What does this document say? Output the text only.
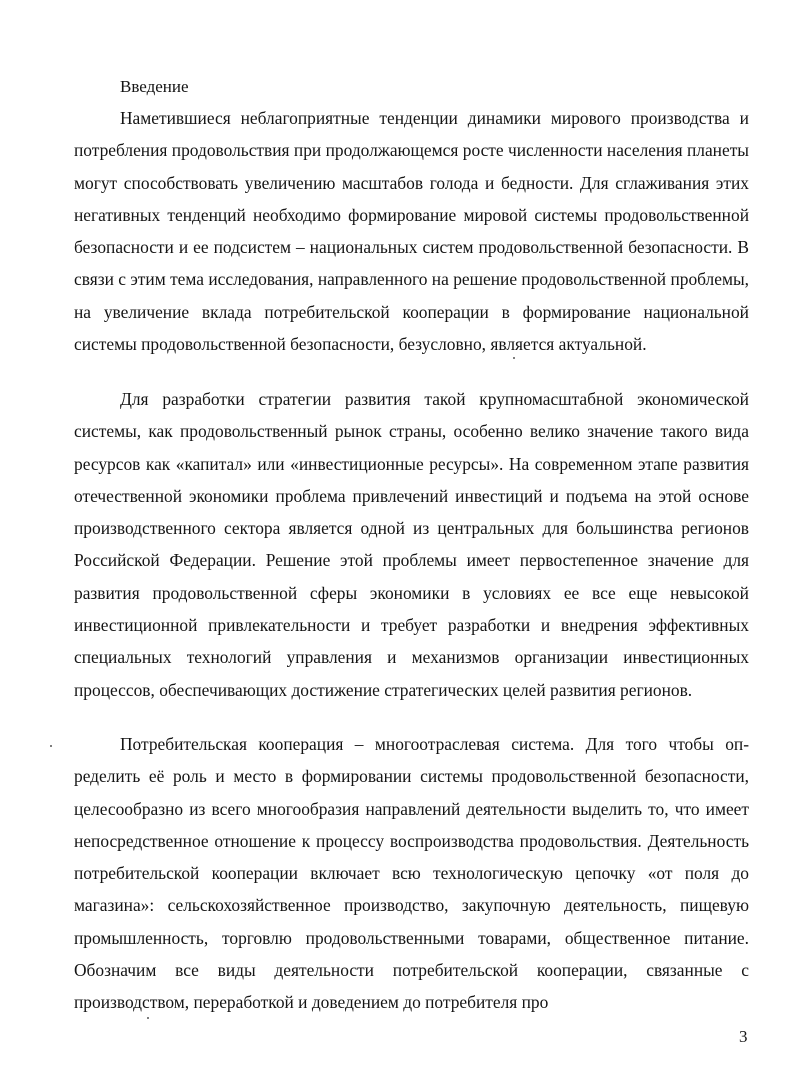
Введение

Наметившиеся неблагоприятные тенденции динамики мирового производства и потребления продовольствия при продолжающемся росте численности населения планеты могут способствовать увеличению масштабов голода и бедности. Для сглаживания этих негативных тенденций необходимо формирование мировой системы продовольственной безопасности и ее подсистем – национальных систем продовольственной безопасности. В связи с этим тема исследования, направленного на решение продовольственной проблемы, на увеличение вклада потребительской кооперации в формирование национальной системы продовольственной безопасности, безусловно, является актуальной.

Для разработки стратегии развития такой крупномасштабной экономической системы, как продовольственный рынок страны, особенно велико значение такого вида ресурсов как «капитал» или «инвестиционные ресурсы». На современном этапе развития отечественной экономики проблема привлечений инвестиций и подъема на этой основе производственного сектора является одной из центральных для большинства регионов Российской Федерации. Решение этой проблемы имеет первостепенное значение для развития продовольственной сферы экономики в условиях ее все еще невысокой инвестиционной привлекательности и требует разработки и внедрения эффективных специальных технологий управления и механизмов организации инвестиционных процессов, обеспечивающих достижение стратегических целей развития регионов.

Потребительская кооперация – многоотраслевая система. Для того чтобы определить её роль и место в формировании системы продовольственной безопасности, целесообразно из всего многообразия направлений деятельности выделить то, что имеет непосредственное отношение к процессу воспроизводства продовольствия. Деятельность потребительской кооперации включает всю технологическую цепочку «от поля до магазина»: сельскохозяйственное производство, закупочную деятельность, пищевую промышленность, торговлю продовольственными товарами, общественное питание. Обозначим все виды деятельности потребительской кооперации, связанные с производством, переработкой и доведением до потребителя про

3
